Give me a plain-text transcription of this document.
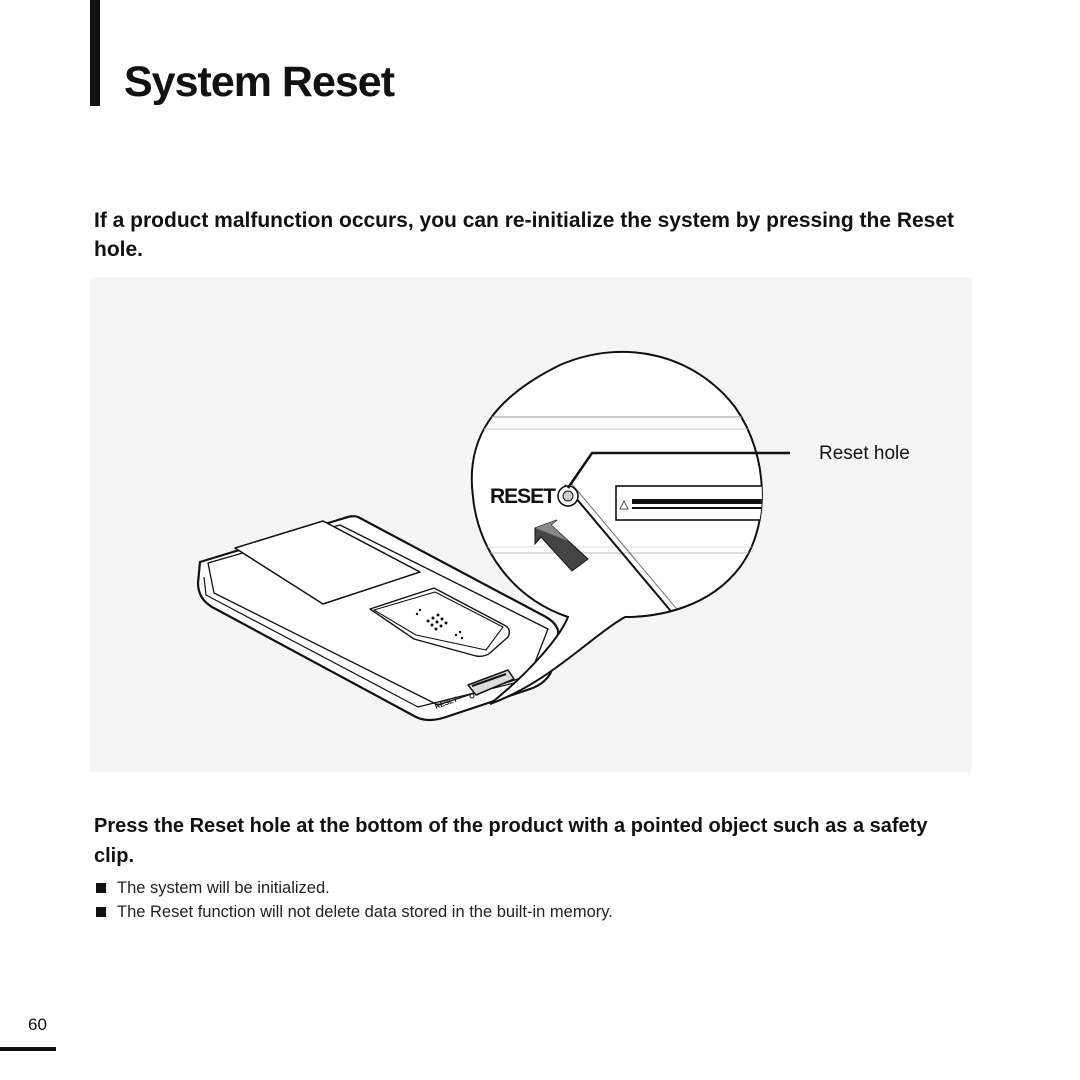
System Reset

If a product malfunction occurs, you can re-initialize the system by pressing the Reset hole.

RESET
RESET
Reset hole

Press the Reset hole at the bottom of the product with a pointed object such as a safety clip.

The system will be initialized.
The Reset function will not delete data stored in the built-in memory.
60
